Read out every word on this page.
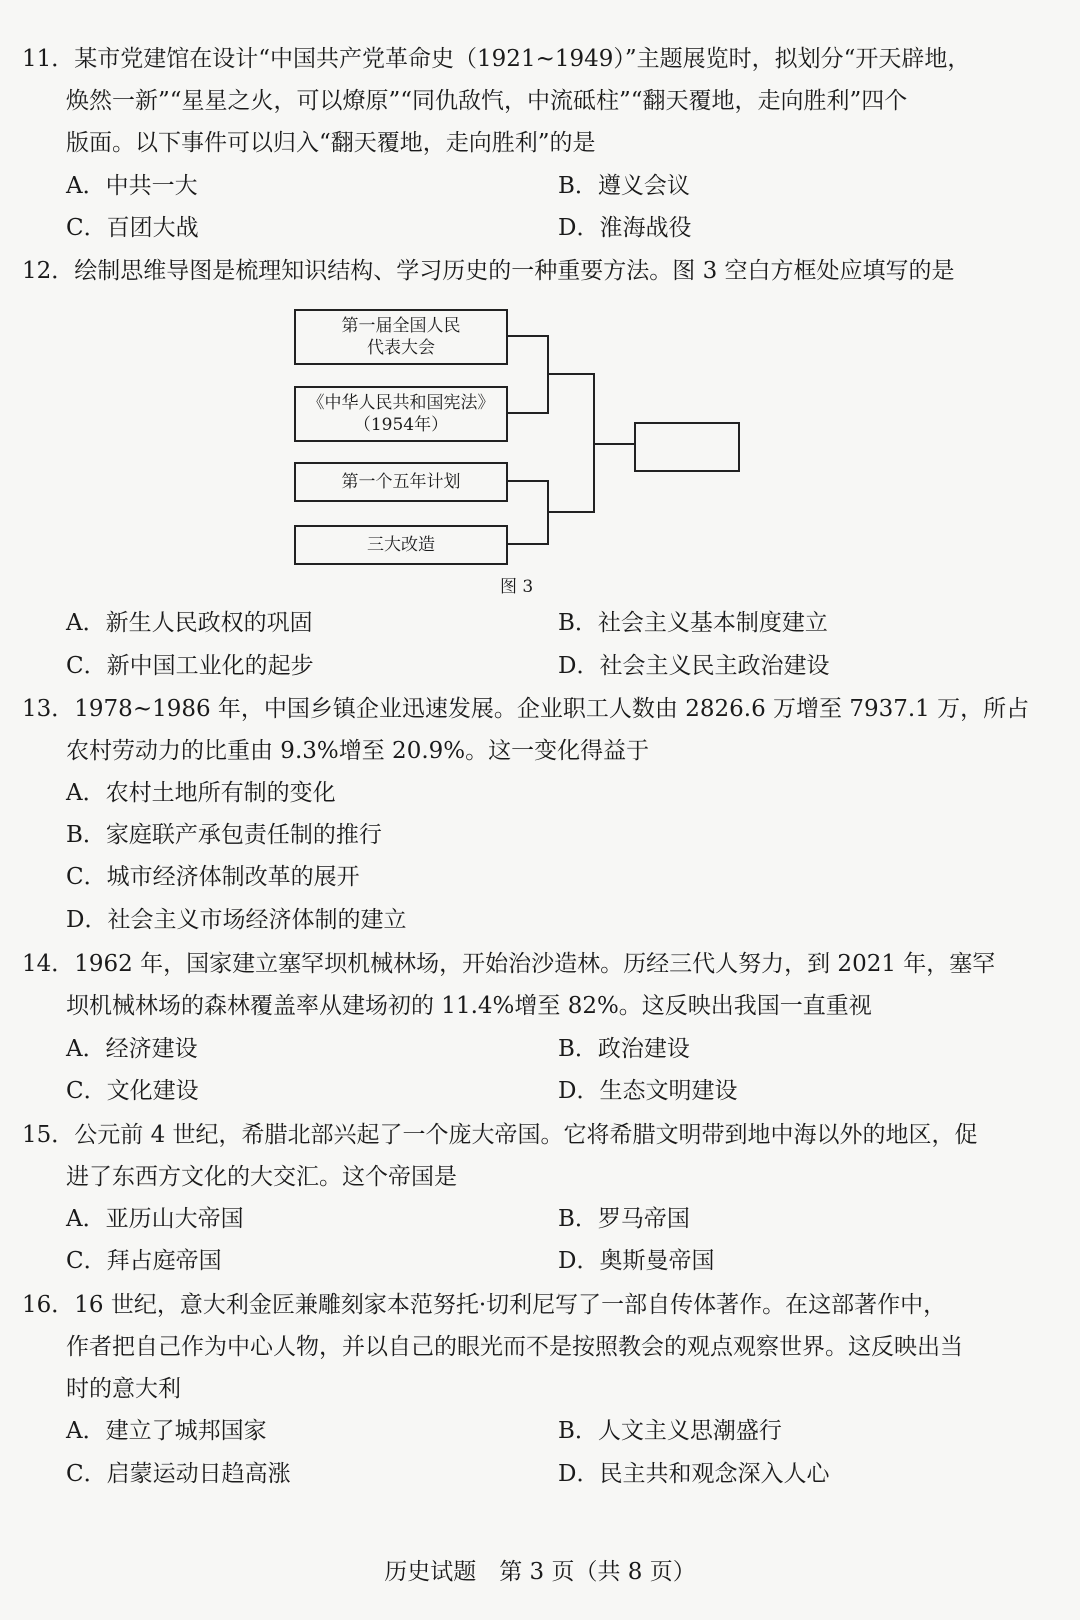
11．某市党建馆在设计“中国共产党革命史（1921~1949）”主题展览时，拟划分“开天辟地，
焕然一新”“星星之火，可以燎原”“同仇敌忾，中流砥柱”“翻天覆地，走向胜利”四个
版面。以下事件可以归入“翻天覆地，走向胜利”的是
A．中共一大	B．遵义会议
C．百团大战	D．淮海战役
12．绘制思维导图是梳理知识结构、学习历史的一种重要方法。图 3 空白方框处应填写的是
第一届全国人民
代表大会
《中华人民共和国宪法》
（1954年）
第一个五年计划
三大改造
图 3
A．新生人民政权的巩固	B．社会主义基本制度建立
C．新中国工业化的起步	D．社会主义民主政治建设
13．1978~1986 年，中国乡镇企业迅速发展。企业职工人数由 2826.6 万增至 7937.1 万，所占
农村劳动力的比重由 9.3%增至 20.9%。这一变化得益于
A．农村土地所有制的变化
B．家庭联产承包责任制的推行
C．城市经济体制改革的展开
D．社会主义市场经济体制的建立
14．1962 年，国家建立塞罕坝机械林场，开始治沙造林。历经三代人努力，到 2021 年，塞罕
坝机械林场的森林覆盖率从建场初的 11.4%增至 82%。这反映出我国一直重视
A．经济建设	B．政治建设
C．文化建设	D．生态文明建设
15．公元前 4 世纪，希腊北部兴起了一个庞大帝国。它将希腊文明带到地中海以外的地区，促
进了东西方文化的大交汇。这个帝国是
A．亚历山大帝国	B．罗马帝国
C．拜占庭帝国	D．奥斯曼帝国
16．16 世纪，意大利金匠兼雕刻家本范努托·切利尼写了一部自传体著作。在这部著作中，
作者把自己作为中心人物，并以自己的眼光而不是按照教会的观点观察世界。这反映出当
时的意大利
A．建立了城邦国家	B．人文主义思潮盛行
C．启蒙运动日趋高涨	D．民主共和观念深入人心
历史试题　第 3 页（共 8 页）
